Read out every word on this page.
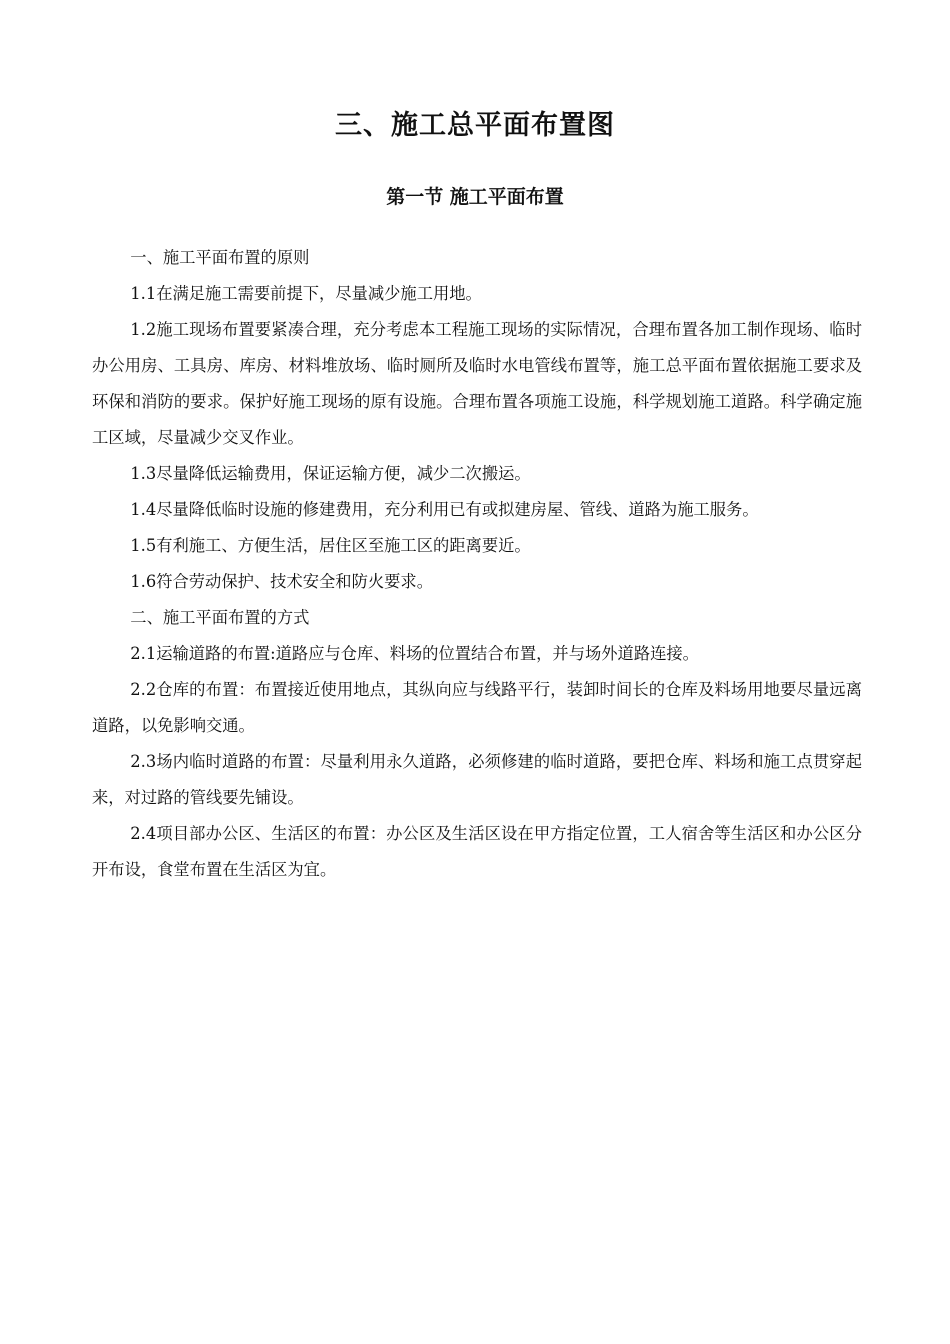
三、施工总平面布置图
第一节 施工平面布置

一、施工平面布置的原则

1.1在满足施工需要前提下，尽量减少施工用地。

1.2施工现场布置要紧凑合理，充分考虑本工程施工现场的实际情况，合理布置各加工制作现场、临时办公用房、工具房、库房、材料堆放场、临时厕所及临时水电管线布置等，施工总平面布置依据施工要求及环保和消防的要求。保护好施工现场的原有设施。合理布置各项施工设施，科学规划施工道路。科学确定施工区域，尽量减少交叉作业。

1.3尽量降低运输费用，保证运输方便，减少二次搬运。

1.4尽量降低临时设施的修建费用，充分利用已有或拟建房屋、管线、道路为施工服务。

1.5有利施工、方便生活，居住区至施工区的距离要近。

1.6符合劳动保护、技术安全和防火要求。

二、施工平面布置的方式

2.1运输道路的布置:道路应与仓库、料场的位置结合布置，并与场外道路连接。

2.2仓库的布置：布置接近使用地点，其纵向应与线路平行，装卸时间长的仓库及料场用地要尽量远离道路，以免影响交通。

2.3场内临时道路的布置：尽量利用永久道路，必须修建的临时道路，要把仓库、料场和施工点贯穿起来，对过路的管线要先铺设。

2.4项目部办公区、生活区的布置：办公区及生活区设在甲方指定位置，工人宿舍等生活区和办公区分开布设，食堂布置在生活区为宜。
